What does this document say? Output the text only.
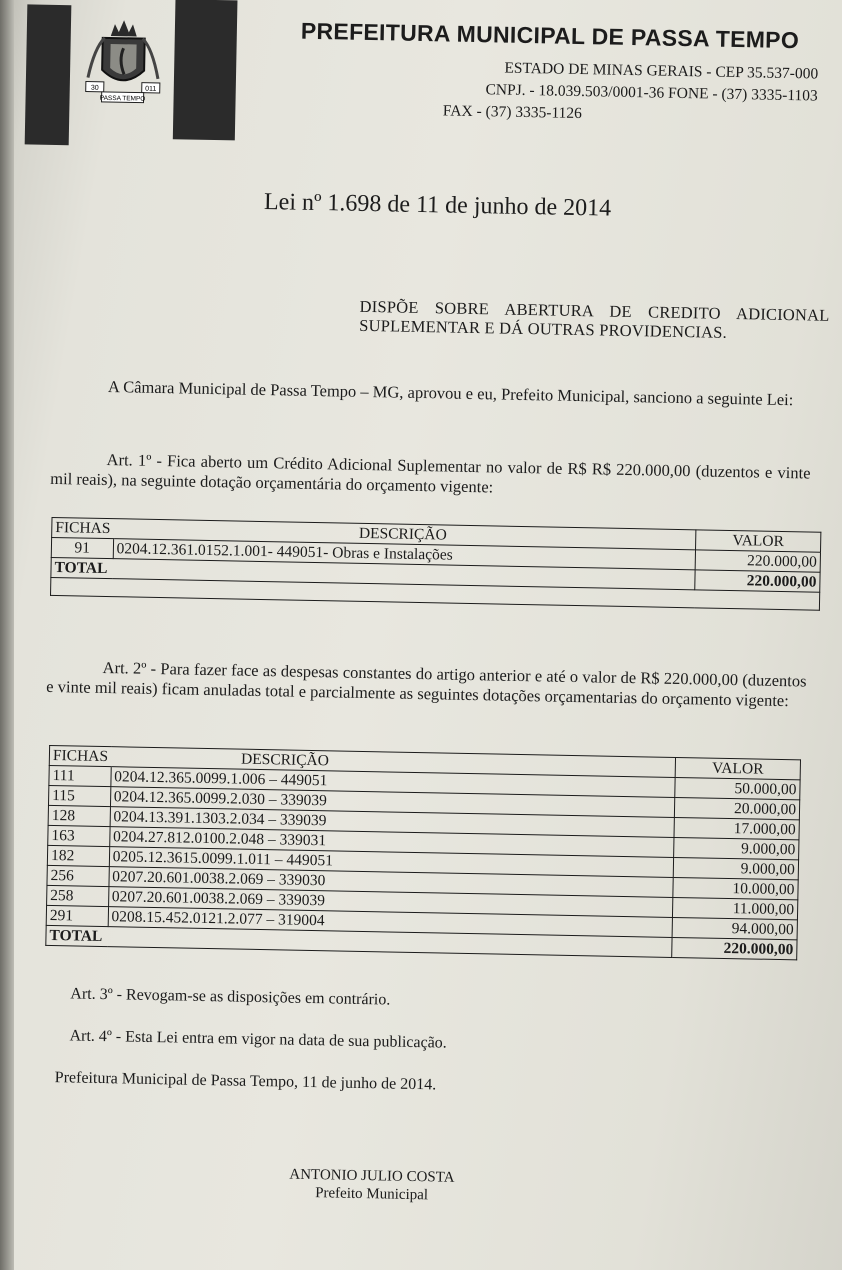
30	011
PASSA TEMPO
PREFEITURA MUNICIPAL DE PASSA TEMPO
ESTADO DE MINAS GERAIS - CEP 35.537-000
CNPJ. - 18.039.503/0001-36 FONE - (37) 3335-1103
FAX - (37) 3335-1126
Lei nº 1.698 de 11 de junho de 2014
DISPÕE SOBRE ABERTURA DE CREDITO ADICIONAL SUPLEMENTAR E DÁ OUTRAS PROVIDENCIAS.
A Câmara Municipal de Passa Tempo – MG, aprovou e eu, Prefeito Municipal, sanciono a seguinte Lei:
Art. 1º - Fica aberto um Crédito Adicional Suplementar no valor de R$ R$ 220.000,00 (duzentos e vinte mil reais), na seguinte dotação orçamentária do orçamento vigente:
FICHAS	DESCRIÇÃO	VALOR
91	0204.12.361.0152.1.001- 449051- Obras e Instalações	220.000,00
TOTAL		220.000,00

Art. 2º - Para fazer face as despesas constantes do artigo anterior e até o valor de R$ 220.000,00 (duzentos e vinte mil reais) ficam anuladas total e parcialmente as seguintes dotações orçamentarias do orçamento vigente:
FICHAS	DESCRIÇÃO	VALOR
111	0204.12.365.0099.1.006 – 449051	50.000,00
115	0204.12.365.0099.2.030 – 339039	20.000,00
128	0204.13.391.1303.2.034 – 339039	17.000,00
163	0204.27.812.0100.2.048 – 339031	9.000,00
182	0205.12.3615.0099.1.011 – 449051	9.000,00
256	0207.20.601.0038.2.069 – 339030	10.000,00
258	0207.20.601.0038.2.069 – 339039	11.000,00
291	0208.15.452.0121.2.077 – 319004	94.000,00
TOTAL		220.000,00
Art. 3º - Revogam-se as disposições em contrário.
Art. 4º - Esta Lei entra em vigor na data de sua publicação.
Prefeitura Municipal de Passa Tempo, 11 de junho de 2014.
ANTONIO JULIO COSTA
Prefeito Municipal
